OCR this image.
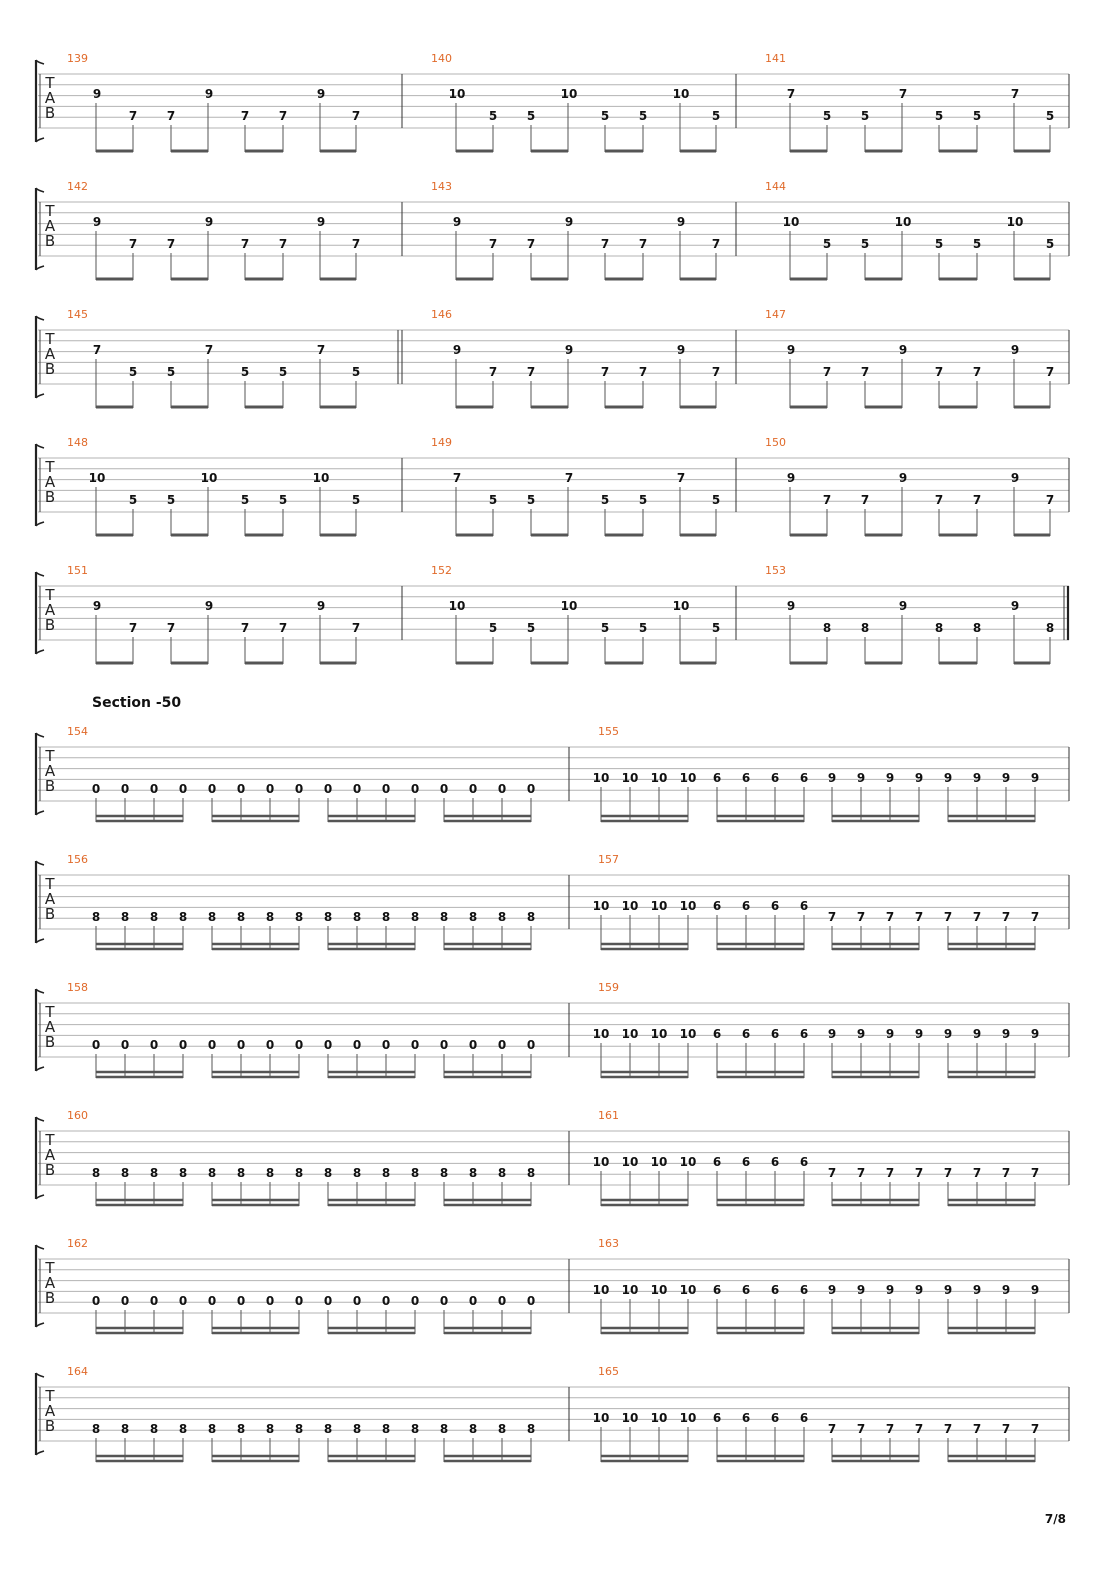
T
A
B
139
9
7 7
9
7 7
9
7
140
10
5 5
10
5 5
10
5
141
7
5 5
7
5 5
7
5
T
A
B
142
9
7 7
9
7 7
9
7
143
9
7 7
9
7 7
9
7
144
10
5 5
10
5 5
10
5
T
A
B
145
7
5 5
7
5 5
7
5
146
9
7 7
9
7 7
9
7
147
9
7 7
9
7 7
9
7
T
A
B
148
10
5 5
10
5 5
10
5
149
7
5 5
7
5 5
7
5
150
9
7 7
9
7 7
9
7
T
A
B
151
9
7 7
9
7 7
9
7
152
10
5 5
10
5 5
10
5
153
9
8 8
9
8 8
9
8
T
A
B
154
0 0 0 0 0 0 0 0 0 0 0 0 0 0 0 0
155
10 10 10 10 6 6 6 6 9 9 9 9 9 9 9 9
T
A
B
156
8 8 8 8 8 8 8 8 8 8 8 8 8 8 8 8
157
10 10 10 10 6 6 6 6
7 7 7 7 7 7 7 7
T
A
B
158
0 0 0 0 0 0 0 0 0 0 0 0 0 0 0 0
159
10 10 10 10 6 6 6 6 9 9 9 9 9 9 9 9
T
A
B
160
8 8 8 8 8 8 8 8 8 8 8 8 8 8 8 8
161
10 10 10 10 6 6 6 6
7 7 7 7 7 7 7 7
T
A
B
162
0 0 0 0 0 0 0 0 0 0 0 0 0 0 0 0
163
10 10 10 10 6 6 6 6 9 9 9 9 9 9 9 9
T
A
B
164
8 8 8 8 8 8 8 8 8 8 8 8 8 8 8 8
165
10 10 10 10 6 6 6 6
7 7 7 7 7 7 7 7
Section -50
7/8
